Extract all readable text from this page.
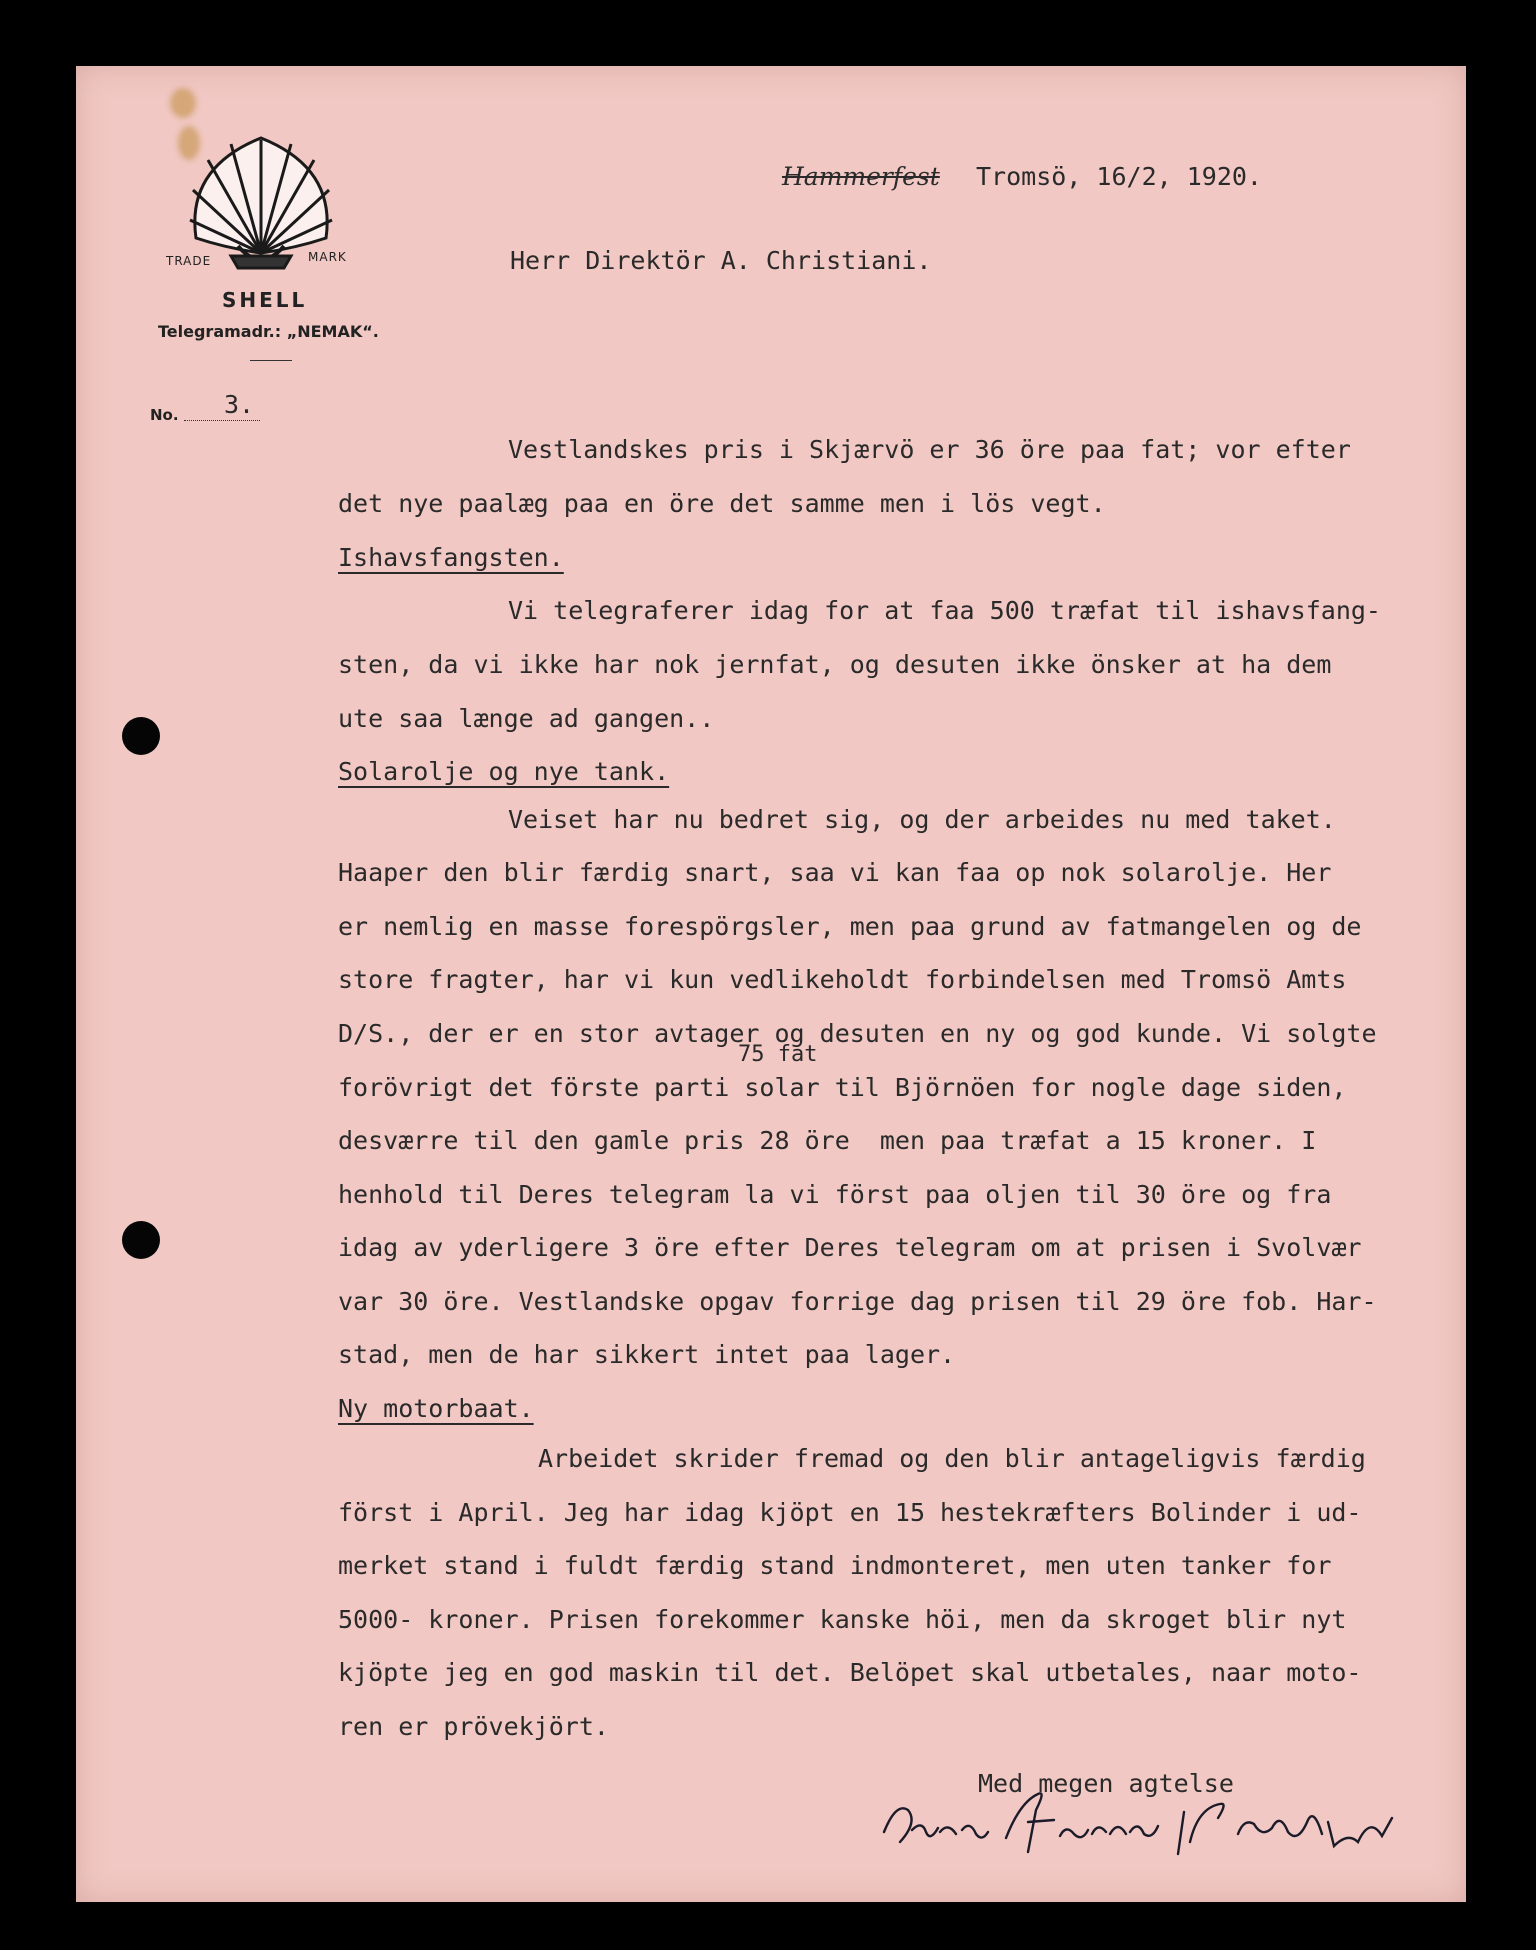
TRADE	MARK
SHELL
Telegramadr.: „NEMAK“.
No. 3.
Hammerfest Tromsö, 16/2, 1920.
Herr Direktör A. Christiani.
Vestlandskes pris i Skjærvö er 36 öre paa fat; vor efter
det nye paalæg paa en öre det samme men i lös vegt.
Ishavsfangsten.
Vi telegraferer idag for at faa 500 træfat til ishavsfang-
sten, da vi ikke har nok jernfat, og desuten ikke önsker at ha dem
ute saa længe ad gangen..
Solarolje og nye tank.
Veiset har nu bedret sig, og der arbeides nu med taket.
Haaper den blir færdig snart, saa vi kan faa op nok solarolje. Her
er nemlig en masse forespörgsler, men paa grund av fatmangelen og de
store fragter, har vi kun vedlikeholdt forbindelsen med Tromsö Amts
D/S., der er en stor avtager og desuten en ny og god kunde. Vi solgte
75 fat
forövrigt det förste parti solar til Björnöen for nogle dage siden,
desværre til den gamle pris 28 öre  men paa træfat a 15 kroner. I
henhold til Deres telegram la vi först paa oljen til 30 öre og fra
idag av yderligere 3 öre efter Deres telegram om at prisen i Svolvær
var 30 öre. Vestlandske opgav forrige dag prisen til 29 öre fob. Har-
stad, men de har sikkert intet paa lager.
Ny motorbaat.
Arbeidet skrider fremad og den blir antageligvis færdig
först i April. Jeg har idag kjöpt en 15 hestekræfters Bolinder i ud-
merket stand i fuldt færdig stand indmonteret, men uten tanker for
5000- kroner. Prisen forekommer kanske höi, men da skroget blir nyt
kjöpte jeg en god maskin til det. Belöpet skal utbetales, naar moto-
ren er prövekjört.
Med megen agtelse
